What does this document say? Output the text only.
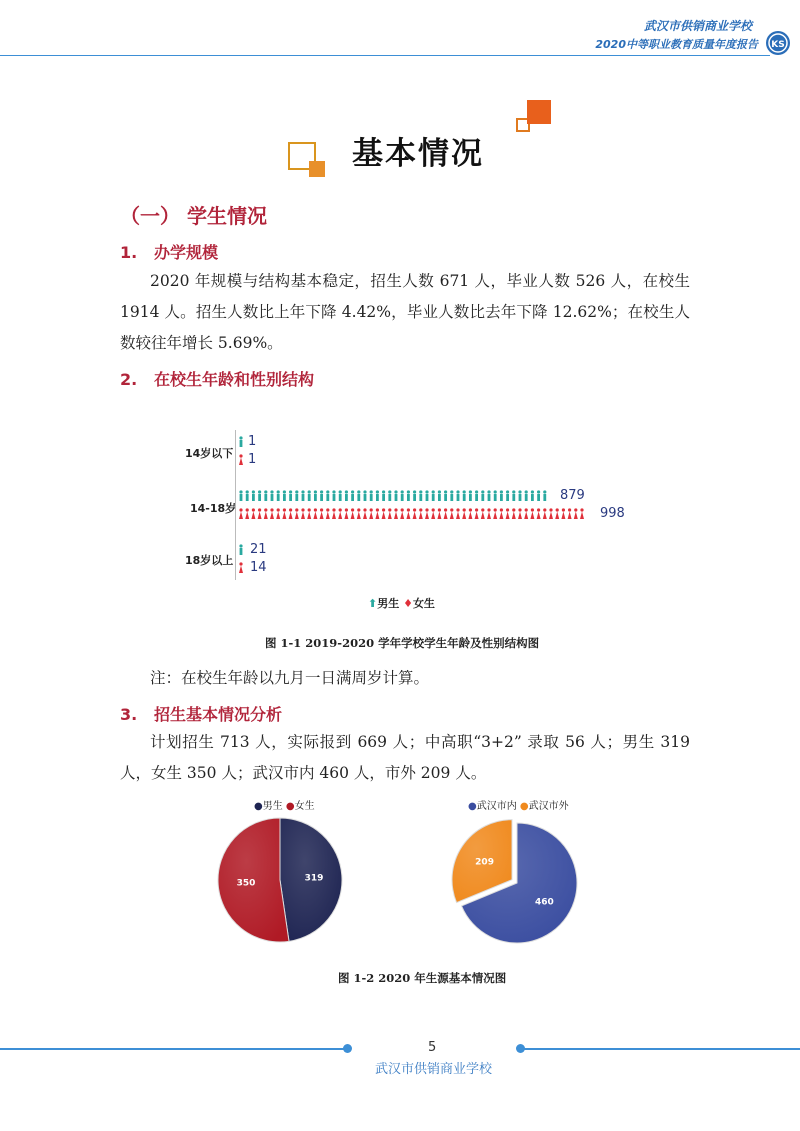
武汉市供销商业学校
2020中等职业教育质量年度报告 KS
基本情况
（一） 学生情况
1. 办学规模
2020 年规模与结构基本稳定，招生人数 671 人，毕业人数 526 人，在校生 1914 人。招生人数比上年下降 4.42%，毕业人数比去年下降 12.62%；在校生人数较往年增长 5.69%。
2. 在校生年龄和性别结构
14岁以下
14-18岁
18岁以上
1
1
879
998
21
14
⬆男生 ♦女生
图 1-1 2019-2020 学年学校学生年龄及性别结构图
注：在校生年龄以九月一日满周岁计算。
3. 招生基本情况分析
计划招生 713 人，实际报到 669 人；中高职“3+2” 录取 56 人；男生 319 人，女生 350 人；武汉市内 460 人，市外 209 人。
●男生 ●女生	●武汉市内 ●武汉市外
319
350
460
209
图 1-2 2020 年生源基本情况图
5
武汉市供销商业学校
